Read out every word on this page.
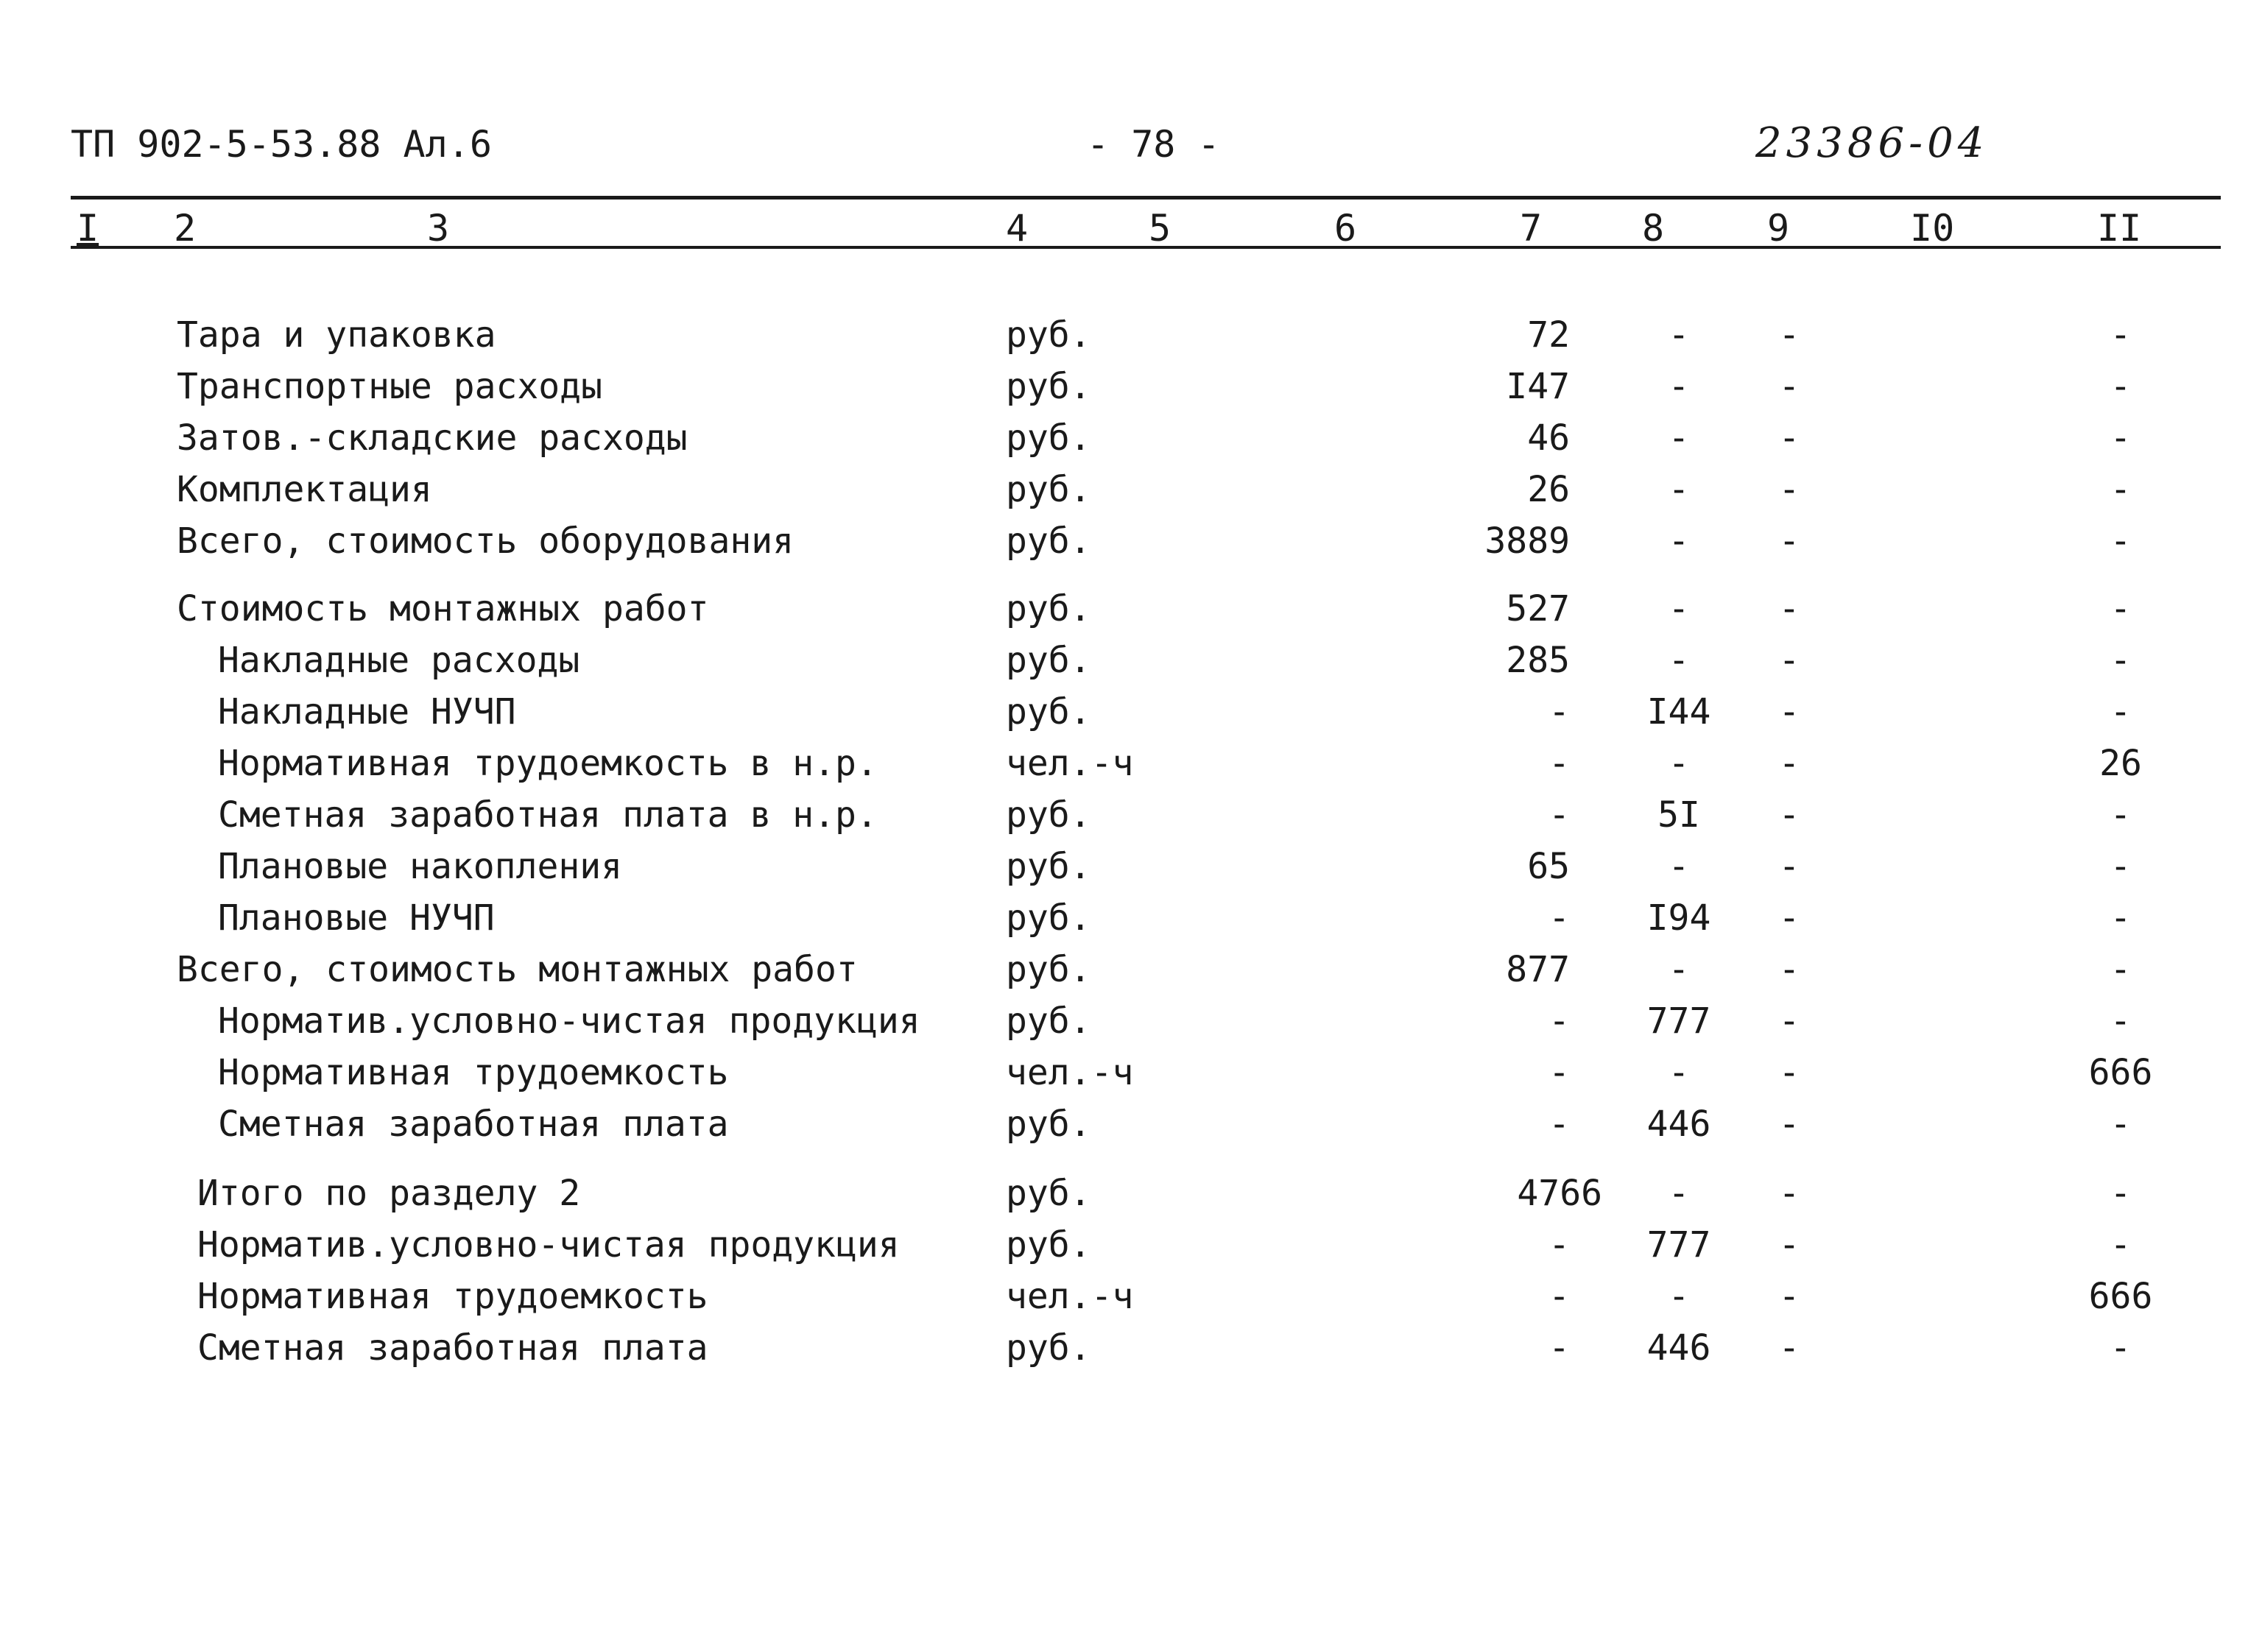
ТП 902-5-53.88 Ал.6	- 78 -	23386-04
I 2	3	4	5	6	7	8	9	I0	II
Тара и упаковка	руб.	72	-	-	-
Транспортные расходы	руб.	I47	-	-	-
Затов.-складские расходы	руб.	46	-	-	-
Комплектация	руб.	26	-	-	-
Всего, стоимость оборудования	руб.	3889	-	-	-
Стоимость монтажных работ	руб.	527	-	-	-
Накладные расходы	руб.	285	-	-	-
Накладные НУЧП	руб.	-	I44	-	-
Нормативная трудоемкость в н.р.	чел.-ч	-	-	-	26
Сметная заработная плата в н.р.	руб.	-	5I	-	-
Плановые накопления	руб.	65	-	-	-
Плановые НУЧП	руб.	-	I94	-	-
Всего, стоимость монтажных работ	руб.	877	-	-	-
Норматив.условно-чистая продукция руб.	-	777	-	-
Нормативная трудоемкость	чел.-ч	-	-	-	666
Сметная заработная плата	руб.	-	446	-	-
Итого по разделу 2	руб.	4766	-	-	-
Норматив.условно-чистая продукция	руб.	-	777	-	-
Нормативная трудоемкость	чел.-ч	-	-	-	666
Сметная заработная плата	руб.	-	446	-	-
